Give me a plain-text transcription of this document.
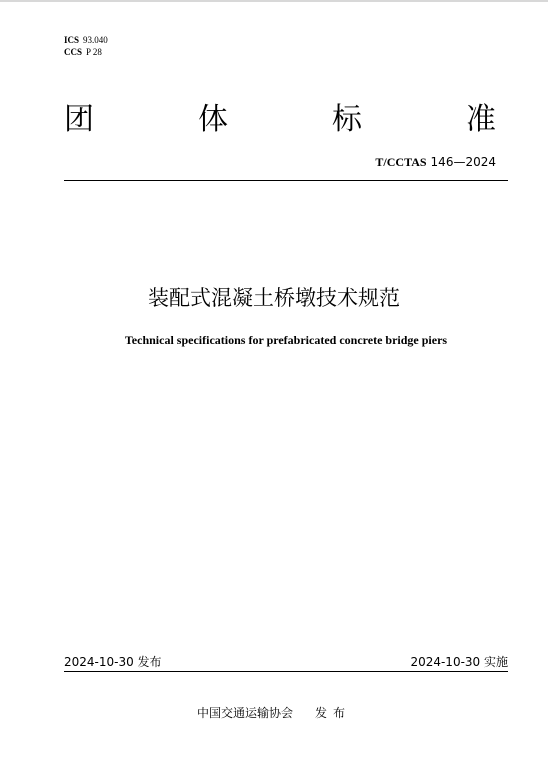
ICS 93.040
CCS P 28
团	体	标	准
T/CCTAS 146—2024
装配式混凝土桥墩技术规范
Technical specifications for prefabricated concrete bridge piers
2024-10-30 发布	2024-10-30 实施
中国交通运输协会 发布
